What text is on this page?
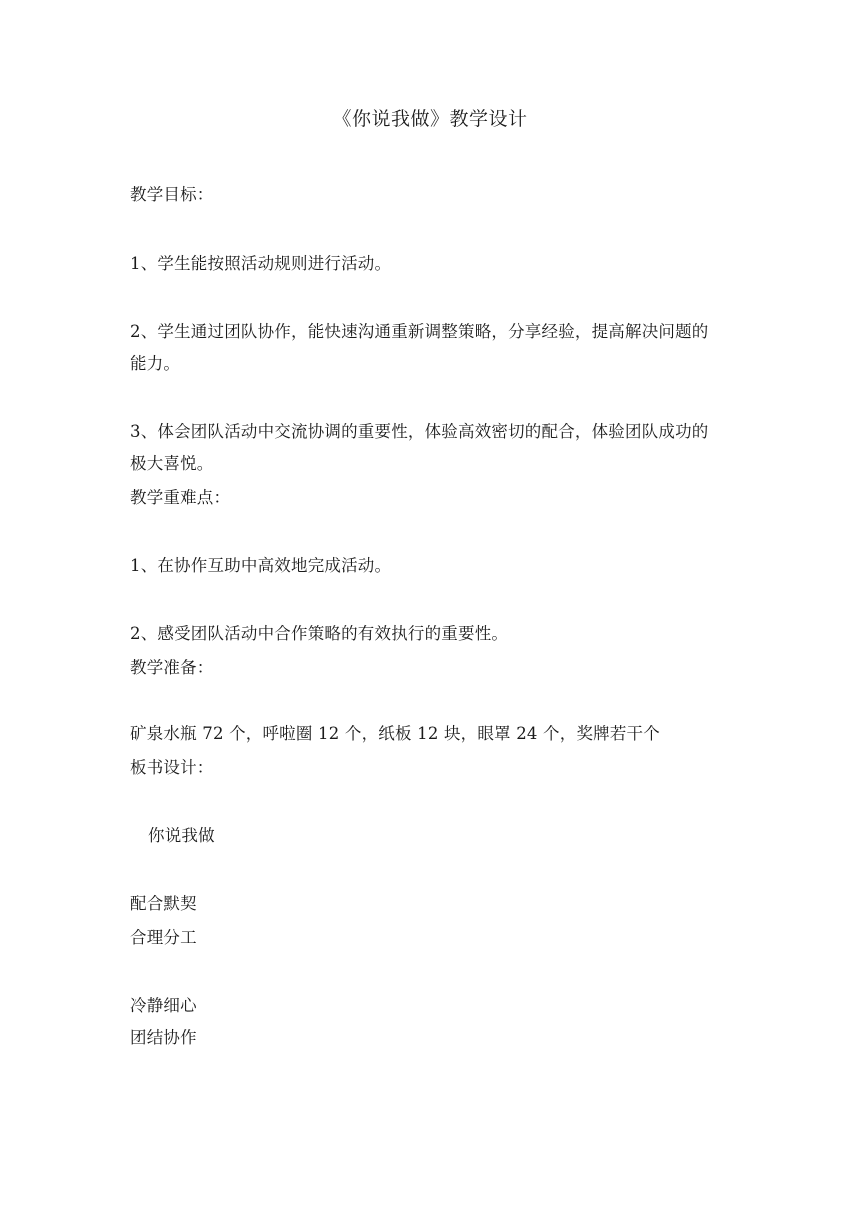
《你说我做》教学设计
教学目标：
1、学生能按照活动规则进行活动。
2、学生通过团队协作，能快速沟通重新调整策略，分享经验，提高解决问题的
能力。
3、体会团队活动中交流协调的重要性，体验高效密切的配合，体验团队成功的
极大喜悦。
教学重难点：
1、在协作互助中高效地完成活动。
2、感受团队活动中合作策略的有效执行的重要性。
教学准备：
矿泉水瓶 72 个，呼啦圈 12 个，纸板 12 块，眼罩 24 个，奖牌若干个
板书设计：
你说我做
配合默契
合理分工
冷静细心
团结协作
